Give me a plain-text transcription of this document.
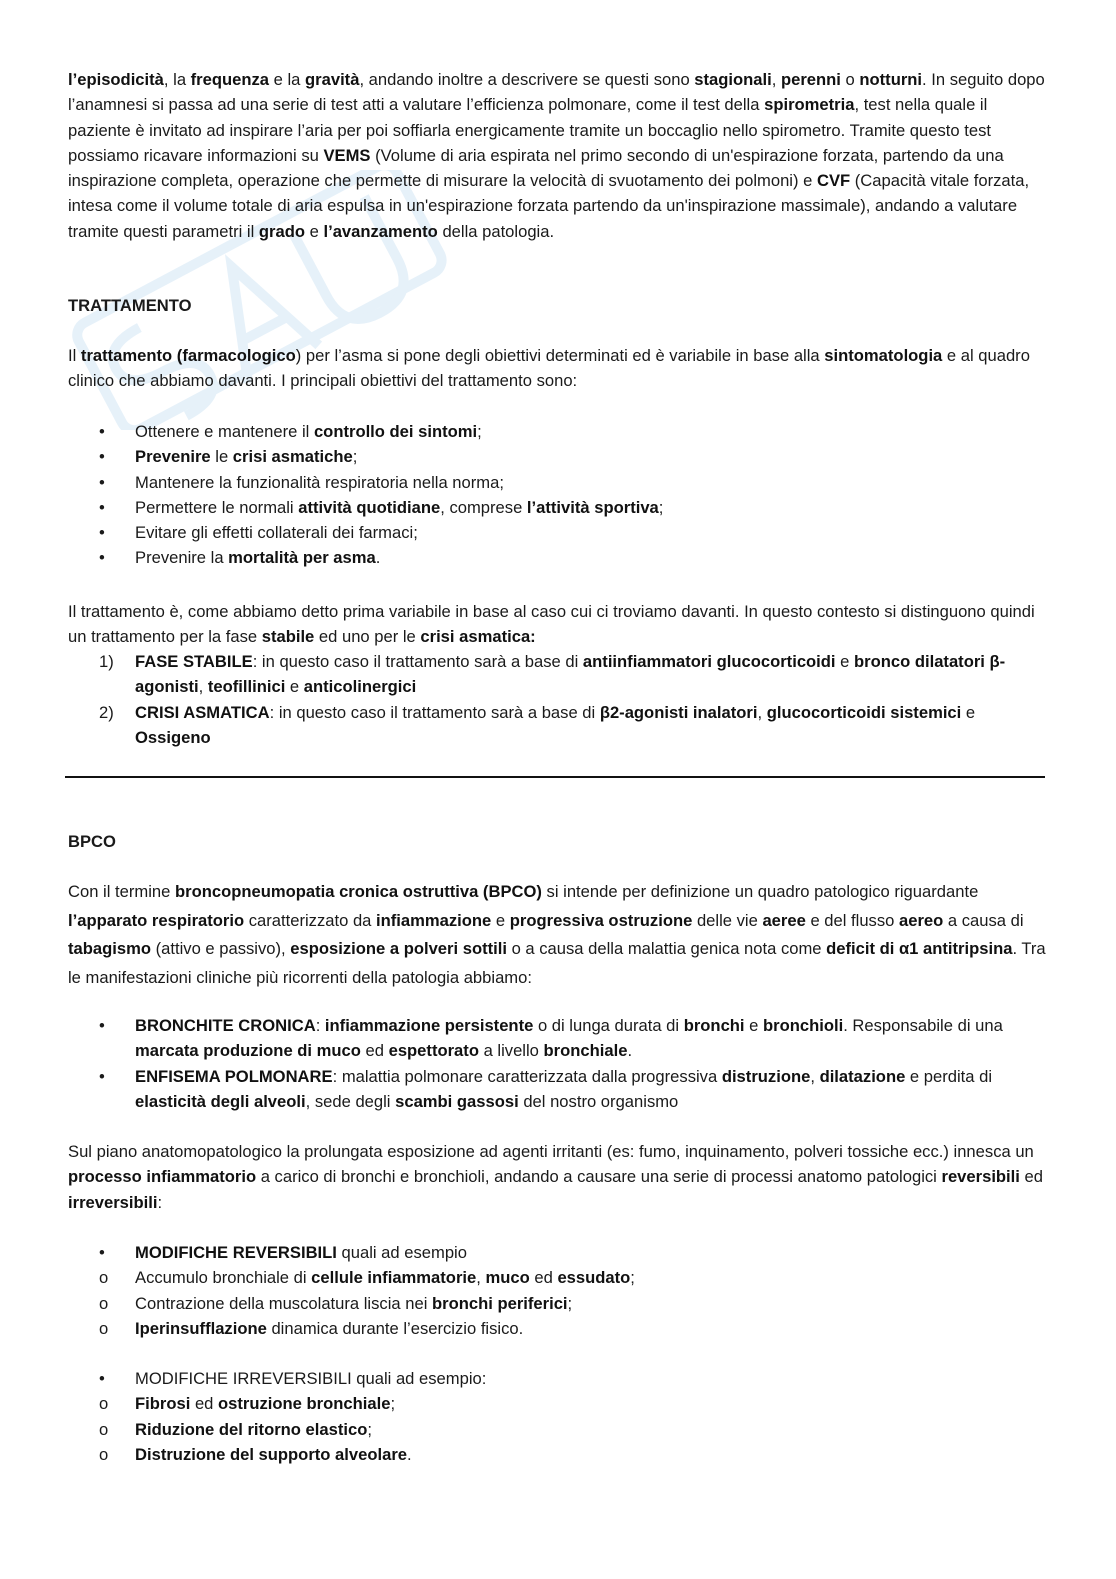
l’episodicità, la frequenza e la gravità, andando inoltre a descrivere se questi sono stagionali, perenni o notturni. In seguito dopo l’anamnesi si passa ad una serie di test atti a valutare l’efficienza polmonare, come il test della spirometria, test nella quale il paziente è invitato ad inspirare l’aria per poi soffiarla energicamente tramite un boccaglio nello spirometro. Tramite questo test possiamo ricavare informazioni su VEMS (Volume di aria espirata nel primo secondo di un'espirazione forzata, partendo da una inspirazione completa, operazione che permette di misurare la velocità di svuotamento dei polmoni) e CVF (Capacità vitale forzata, intesa come il volume totale di aria espulsa in un'espirazione forzata partendo da un'inspirazione massimale), andando a valutare tramite questi parametri il grado e l’avanzamento della patologia.

TRATTAMENTO

Il trattamento (farmacologico) per l’asma si pone degli obiettivi determinati ed è variabile in base alla sintomatologia e al quadro clinico che abbiamo davanti. I principali obiettivi del trattamento sono:

•	Ottenere e mantenere il controllo dei sintomi;
•	Prevenire le crisi asmatiche;
•	Mantenere la funzionalità respiratoria nella norma;
•	Permettere le normali attività quotidiane, comprese l’attività sportiva;
•	Evitare gli effetti collaterali dei farmaci;
•	Prevenire la mortalità per asma.

Il trattamento è, come abbiamo detto prima variabile in base al caso cui ci troviamo davanti. In questo contesto si distinguono quindi un trattamento per la fase stabile ed uno per le crisi asmatica:

1) FASE STABILE: in questo caso il trattamento sarà a base di antiinfiammatori glucocorticoidi e bronco dilatatori β-agonisti, teofillinici e anticolinergici
2) CRISI ASMATICA: in questo caso il trattamento sarà a base di β2-agonisti inalatori, glucocorticoidi sistemici e Ossigeno

BPCO

Con il termine broncopneumopatia cronica ostruttiva (BPCO) si intende per definizione un quadro patologico riguardante l’apparato respiratorio caratterizzato da infiammazione e progressiva ostruzione delle vie aeree e del flusso aereo a causa di tabagismo (attivo e passivo), esposizione a polveri sottili o a causa della malattia genica nota come deficit di α1 antitripsina. Tra le manifestazioni cliniche più ricorrenti della patologia abbiamo:

•	BRONCHITE CRONICA: infiammazione persistente o di lunga durata di bronchi e bronchioli. Responsabile di una marcata produzione di muco ed espettorato a livello bronchiale.
•	ENFISEMA POLMONARE: malattia polmonare caratterizzata dalla progressiva distruzione, dilatazione e perdita di elasticità degli alveoli, sede degli scambi gassosi del nostro organismo

Sul piano anatomopatologico la prolungata esposizione ad agenti irritanti (es: fumo, inquinamento, polveri tossiche ecc.) innesca un processo infiammatorio a carico di bronchi e bronchioli, andando a causare una serie di processi anatomo patologici reversibili ed irreversibili:

•	MODIFICHE REVERSIBILI quali ad esempio
o	Accumulo bronchiale di cellule infiammatorie, muco ed essudato;
o	Contrazione della muscolatura liscia nei bronchi periferici;
o	Iperinsufflazione dinamica durante l’esercizio fisico.
•	MODIFICHE IRREVERSIBILI quali ad esempio:
o	Fibrosi ed ostruzione bronchiale;
o	Riduzione del ritorno elastico;
o	Distruzione del supporto alveolare.
